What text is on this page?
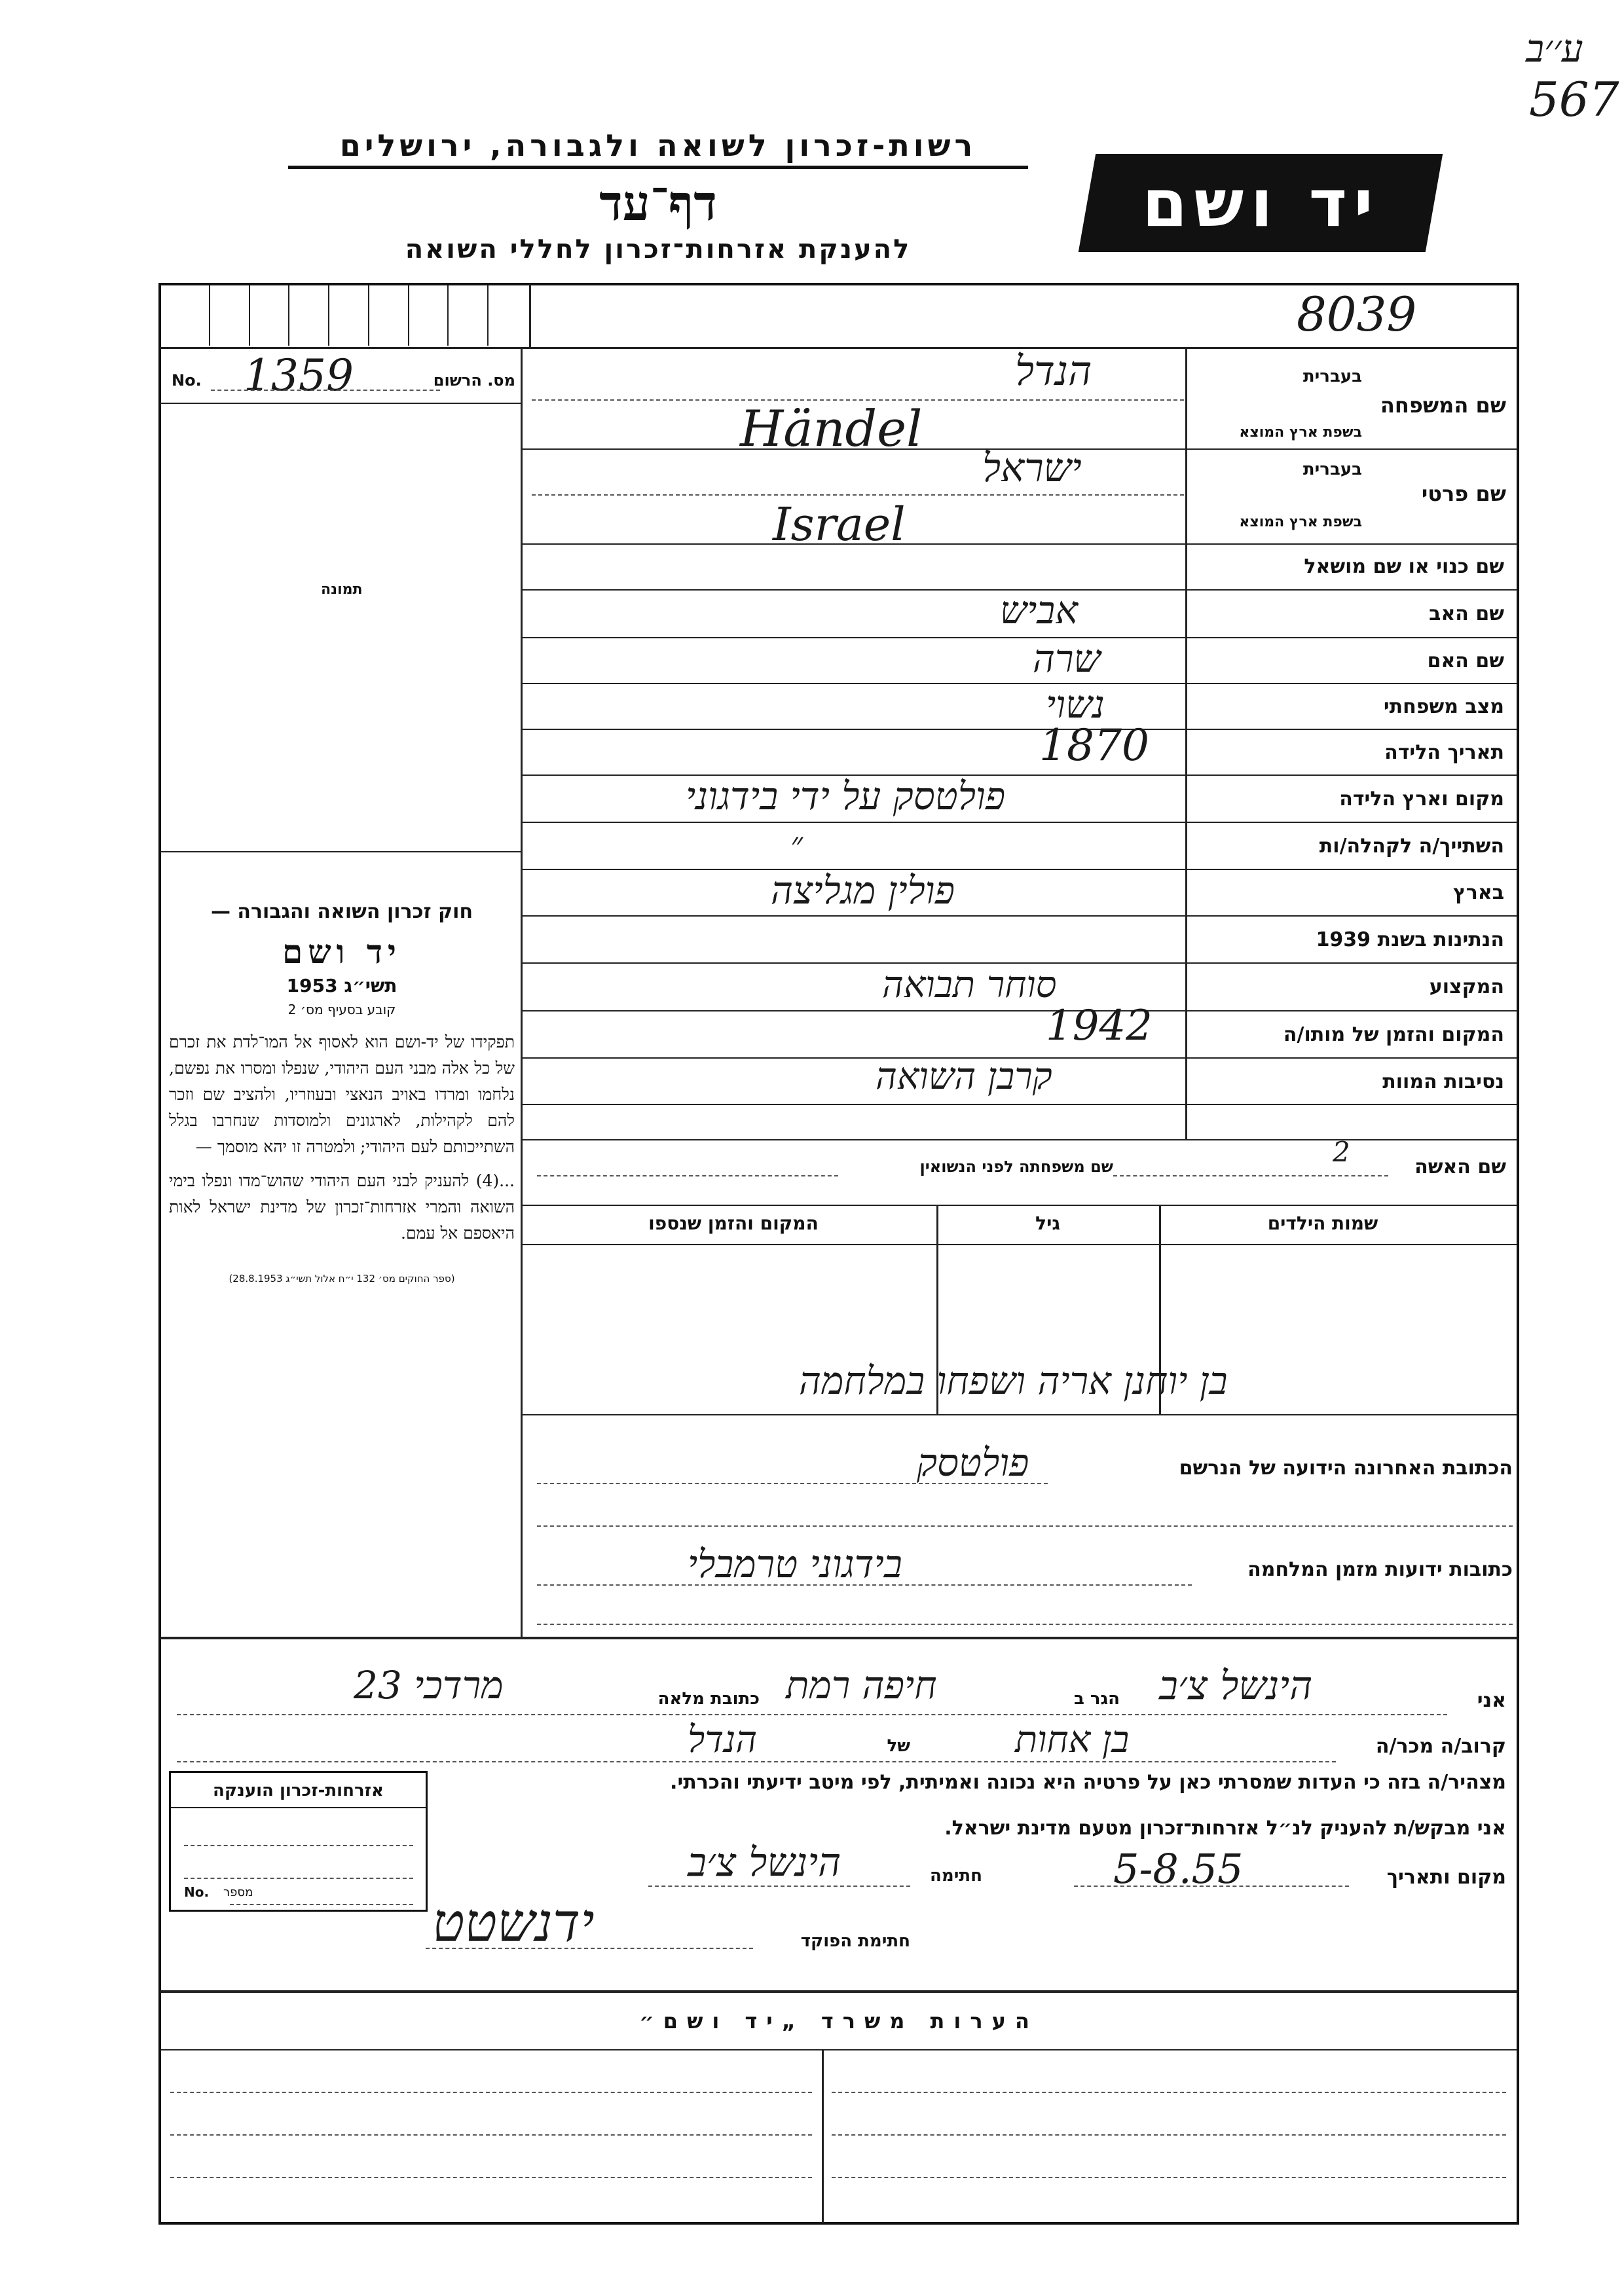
ע׳׳ב
567
רשות-זכרון לשואה ולגבורה, ירושלים
דף־עד
להענקת אזרחות־זכרון לחללי השואה
יד ושם
8039
No. 1359	מס. הרשום
תמונה
שם המשפחה
בעברית
בשפת ארץ המוצא
הנדל
Händel
שם פרטי
בעברית
בשפת ארץ המוצא
ישראל
Israel
שם כנוי או שם מושאל
שם האב
אביש
שם האם
שרה
מצב משפחתי
נשוי
תאריך הלידה
1870
מקום וארץ הלידה
פולטסק על ידי בידגוני
השתייך/ה לקהלה/ות
״
בארץ
פולין מגליצה
הנתינות בשנת 1939
המקצוע
סוחר תבואה
המקום והזמן של מותו/ה
1942
נסיבות המוות
קרבן השואה
שם האשה
2
שם משפחתה לפני הנשואין
שמות הילדים
גיל
המקום והזמן שנספו
בן יוחנן אריה ושפחו במלחמה
הכתובת האחרונה הידועה של הנרשם
פולטסק
כתובות ידועות מזמן המלחמה
בידגוני טרמבלי
חוק זכרון השואה והגבורה —
יד ושם
תשי״ג 1953
קובע בסעיף מס׳ 2
תפקידו של יד-ושם הוא לאסוף אל המו־לדת את זכרם של כל אלה מבני העם היהודי, שנפלו ומסרו את נפשם, נלחמו ומרדו באויב הנאצי ובעוזריו, ולהציב שם וזכר להם לקהילות, לארגונים ולמוסדות שנחרבו בגלל השתייכותם לעם היהודי; ולמטרה זו יהא מוסמך —
...(4) להעניק לבני העם היהודי שהוש־מדו ונפלו בימי השואה והמרי אזרחות־זכרון של מדינת ישראל לאות היאספם אל עמם.
(ספר החוקים מס׳ 132 י״ח אלול תשי״ג 28.8.1953)
אני
הינשל צ׳ב
הגר ב
חיפה רמת
כתובת מלאה
מרדכי 23
קרוב/ה מכר/ה
בן אחות
של
הנדל
מצהיר/ה בזה כי העדות שמסרתי כאן על פרטיה היא נכונה ואמיתית, לפי מיטב ידיעתי והכרתי.
אני מבקש/ת להעניק לנ״ל אזרחות־זכרון מטעם מדינת ישראל.
מקום ותאריך
5-8.55
חתימה
הינשל צ׳ב
חתימת הפוקד
ידנשטט
אזרחות-זכרון הוענקה
No. מספר
הערות משרד „יד ושם״
